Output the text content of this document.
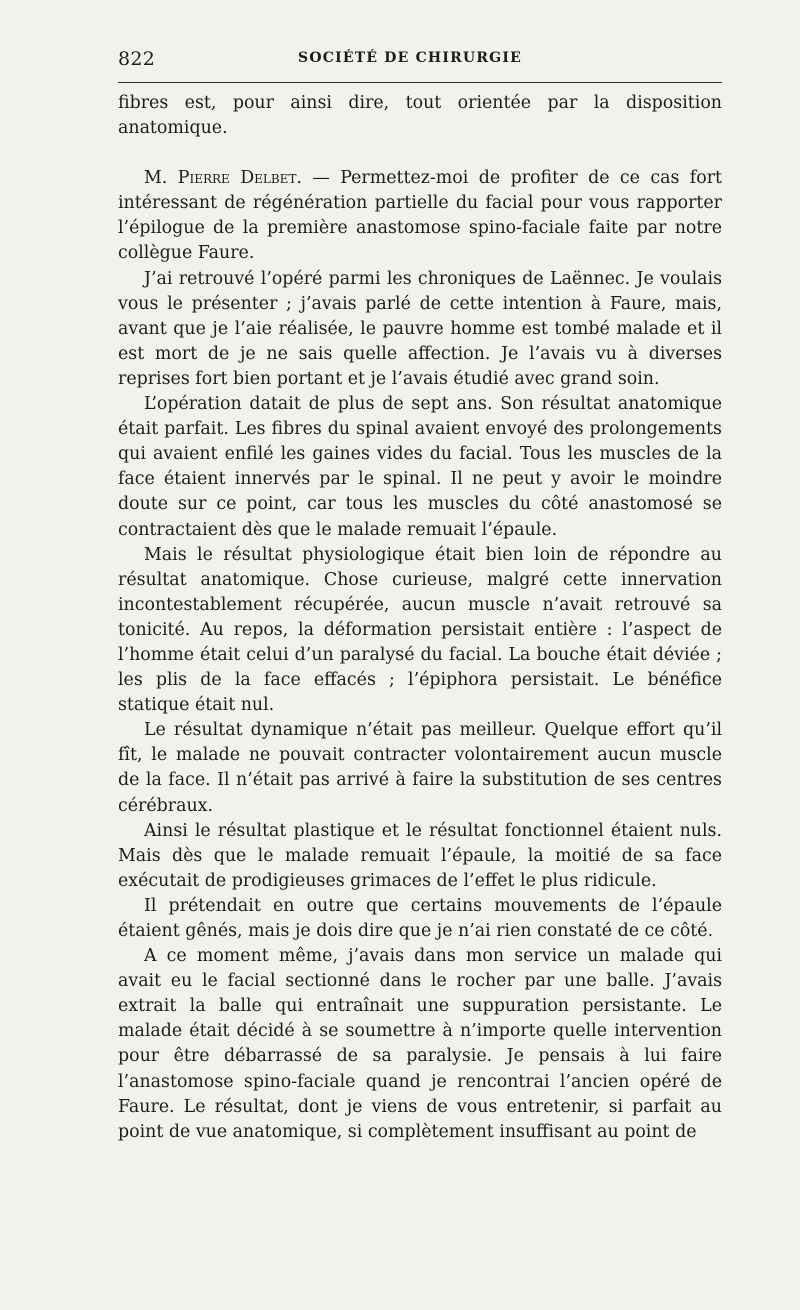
822	SOCIÉTÉ DE CHIRURGIE

fibres est, pour ainsi dire, tout orientée par la disposition anatomique.

M. Pierre Delbet. — Permettez-moi de profiter de ce cas fort intéressant de régénération partielle du facial pour vous rapporter l’épilogue de la première anastomose spino-faciale faite par notre collègue Faure.

J’ai retrouvé l’opéré parmi les chroniques de Laënnec. Je voulais vous le présenter ; j’avais parlé de cette intention à Faure, mais, avant que je l’aie réalisée, le pauvre homme est tombé malade et il est mort de je ne sais quelle affection. Je l’avais vu à diverses reprises fort bien portant et je l’avais étudié avec grand soin.

L’opération datait de plus de sept ans. Son résultat anatomique était parfait. Les fibres du spinal avaient envoyé des prolongements qui avaient enfilé les gaines vides du facial. Tous les muscles de la face étaient innervés par le spinal. Il ne peut y avoir le moindre doute sur ce point, car tous les muscles du côté anastomosé se contractaient dès que le malade remuait l’épaule.

Mais le résultat physiologique était bien loin de répondre au résultat anatomique. Chose curieuse, malgré cette innervation incontestablement récupérée, aucun muscle n’avait retrouvé sa tonicité. Au repos, la déformation persistait entière : l’aspect de l’homme était celui d’un paralysé du facial. La bouche était déviée ; les plis de la face effacés ; l’épiphora persistait. Le bénéfice statique était nul.

Le résultat dynamique n’était pas meilleur. Quelque effort qu’il fît, le malade ne pouvait contracter volontairement aucun muscle de la face. Il n’était pas arrivé à faire la substitution de ses centres cérébraux.

Ainsi le résultat plastique et le résultat fonctionnel étaient nuls. Mais dès que le malade remuait l’épaule, la moitié de sa face exécutait de prodigieuses grimaces de l’effet le plus ridicule.

Il prétendait en outre que certains mouvements de l’épaule étaient gênés, mais je dois dire que je n’ai rien constaté de ce côté.

A ce moment même, j’avais dans mon service un malade qui avait eu le facial sectionné dans le rocher par une balle. J’avais extrait la balle qui entraînait une suppuration persistante. Le malade était décidé à se soumettre à n’importe quelle intervention pour être débarrassé de sa paralysie. Je pensais à lui faire l’anastomose spino-faciale quand je rencontrai l’ancien opéré de Faure. Le résultat, dont je viens de vous entretenir, si parfait au point de vue anatomique, si complètement insuffisant au point de
